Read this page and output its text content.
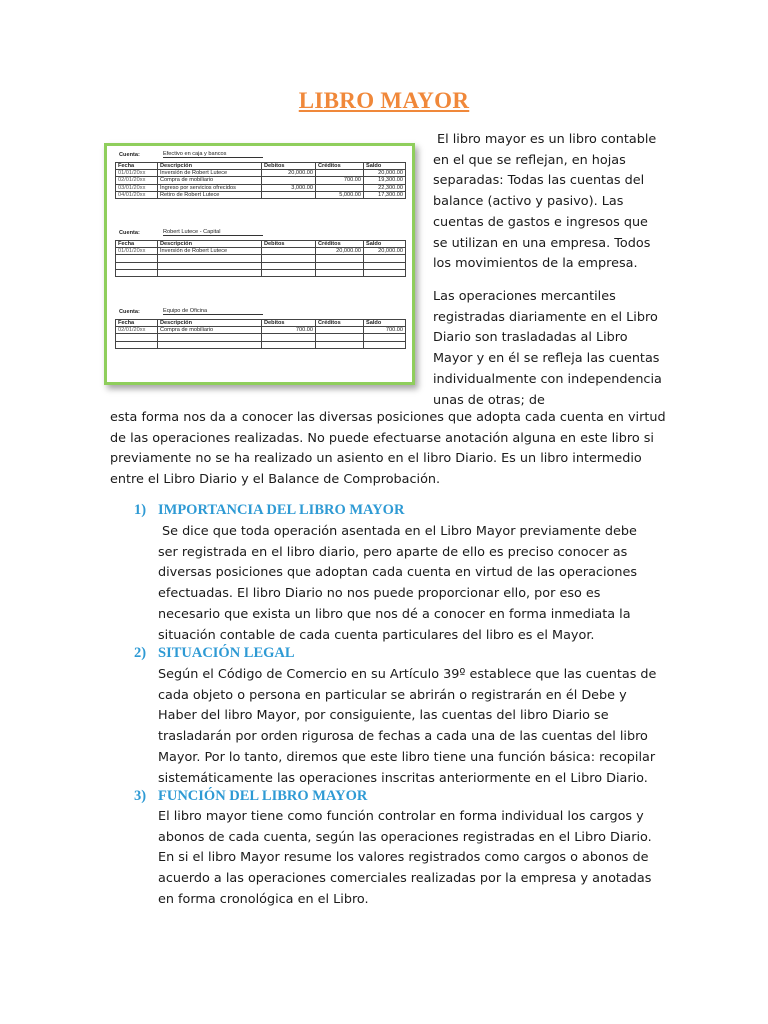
LIBRO MAYOR
Cuenta:	Efectivo en caja y bancos
Fecha	Descripción	Debitos	Créditos	Saldo
01/01/20xx	Inversión de Robert Lutece	20,000.00		20,000.00
02/01/20xx	Compra de mobiliario		700.00	19,300.00
03/01/20xx	Ingreso por servicios ofrecidos	3,000.00		22,300.00
04/01/20xx	Retiro de Robert Lutece		5,000.00	17,300.00
Cuenta:	Robert Lutece - Capital
Fecha	Descripción	Debitos	Créditos	Saldo
01/01/20xx	Inversión de Robert Lutece		20,000.00	20,000.00

Cuenta:	Equipo de Oficina
Fecha	Descripción	Debitos	Créditos	Saldo
02/01/20xx	Compra de mobiliario	700.00		700.00

El libro mayor es un libro contable en el que se reflejan, en hojas separadas: Todas las cuentas del balance (activo y pasivo). Las cuentas de gastos e ingresos que se utilizan en una empresa. Todos los movimientos de la empresa.
Las operaciones mercantiles registradas diariamente en el Libro Diario son trasladadas al Libro Mayor y en él se refleja las cuentas individualmente con independencia unas de otras; de
esta forma nos da a conocer las diversas posiciones que adopta cada cuenta en virtud de las operaciones realizadas. No puede efectuarse anotación alguna en este libro si previamente no se ha realizado un asiento en el libro Diario. Es un libro intermedio entre el Libro Diario y el Balance de Comprobación.
1) IMPORTANCIA DEL LIBRO MAYOR
Se dice que toda operación asentada en el Libro Mayor previamente debe ser registrada en el libro diario, pero aparte de ello es preciso conocer as diversas posiciones que adoptan cada cuenta en virtud de las operaciones efectuadas. El libro Diario no nos puede proporcionar ello, por eso es necesario que exista un libro que nos dé a conocer en forma inmediata la situación contable de cada cuenta particulares del libro es el Mayor.
2) SITUACIÓN LEGAL
Según el Código de Comercio en su Artículo 39º establece que las cuentas de cada objeto o persona en particular se abrirán o registrarán en él Debe y Haber del libro Mayor, por consiguiente, las cuentas del libro Diario se trasladarán por orden rigurosa de fechas a cada una de las cuentas del libro Mayor. Por lo tanto, diremos que este libro tiene una función básica: recopilar sistemáticamente las operaciones inscritas anteriormente en el Libro Diario.
3) FUNCIÓN DEL LIBRO MAYOR
El libro mayor tiene como función controlar en forma individual los cargos y abonos de cada cuenta, según las operaciones registradas en el Libro Diario. En si el libro Mayor resume los valores registrados como cargos o abonos de acuerdo a las operaciones comerciales realizadas por la empresa y anotadas en forma cronológica en el Libro.
